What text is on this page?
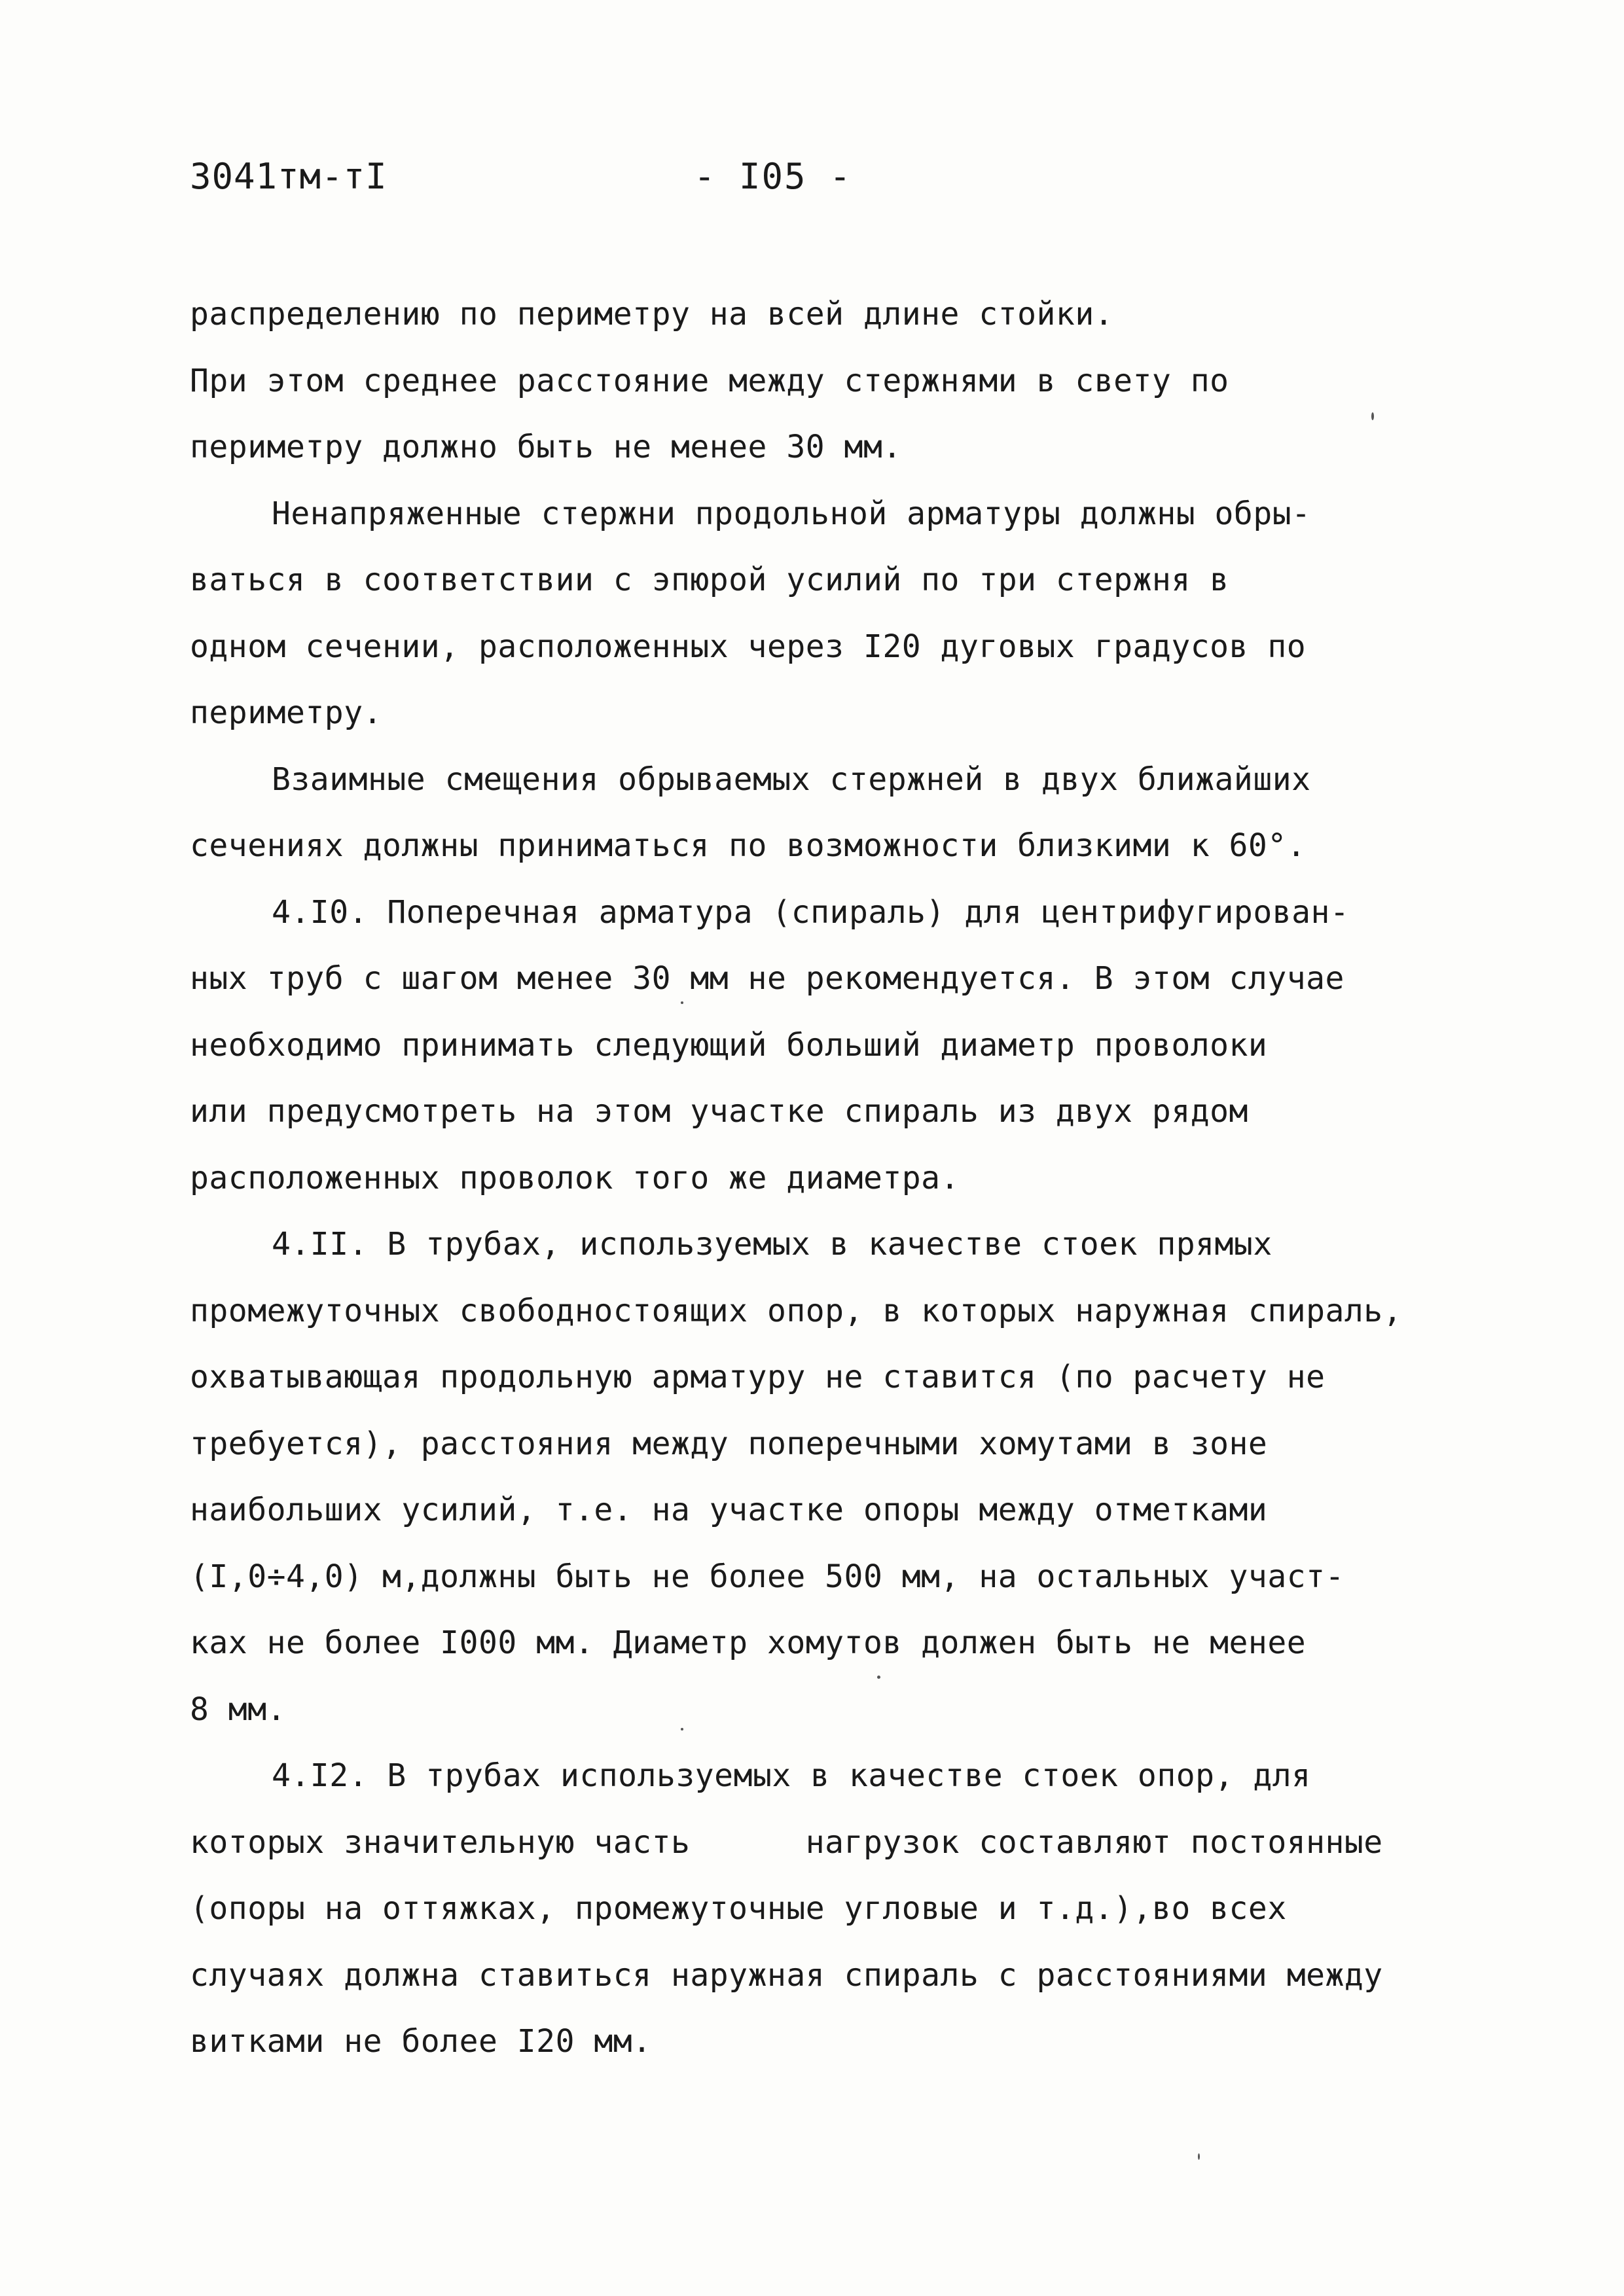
3041тм-тI	- I05 -
распределению по периметру на всей длине стойки.
При этом среднее расстояние между стержнями в свету по
периметру должно быть не менее 30 мм.
Ненапряженные стержни продольной арматуры должны обры-
ваться в соответствии с эпюрой усилий по три стержня в
одном сечении, расположенных через I20 дуговых градусов по
периметру.
Взаимные смещения обрываемых стержней в двух ближайших
сечениях должны приниматься по возможности близкими к 60°.
4.I0. Поперечная арматура (спираль) для центрифугирован-
ных труб с шагом менее 30 мм не рекомендуется. В этом случае
необходимо принимать следующий больший диаметр проволоки
или предусмотреть на этом участке спираль из двух рядом
расположенных проволок того же диаметра.
4.II. В трубах, используемых в качестве стоек прямых
промежуточных свободностоящих опор, в которых наружная спираль,
охватывающая продольную арматуру не ставится (по расчету не
требуется), расстояния между поперечными хомутами в зоне
наибольших усилий, т.е. на участке опоры между отметками
(I,0÷4,0) м,должны быть не более 500 мм, на остальных участ-
ках не более I000 мм. Диаметр хомутов должен быть не менее
8 мм.
4.I2. В трубах используемых в качестве стоек опор, для
которых значительную часть      нагрузок составляют постоянные
(опоры на оттяжках, промежуточные угловые и т.д.),во всех
случаях должна ставиться наружная спираль с расстояниями между
витками не более I20 мм.
